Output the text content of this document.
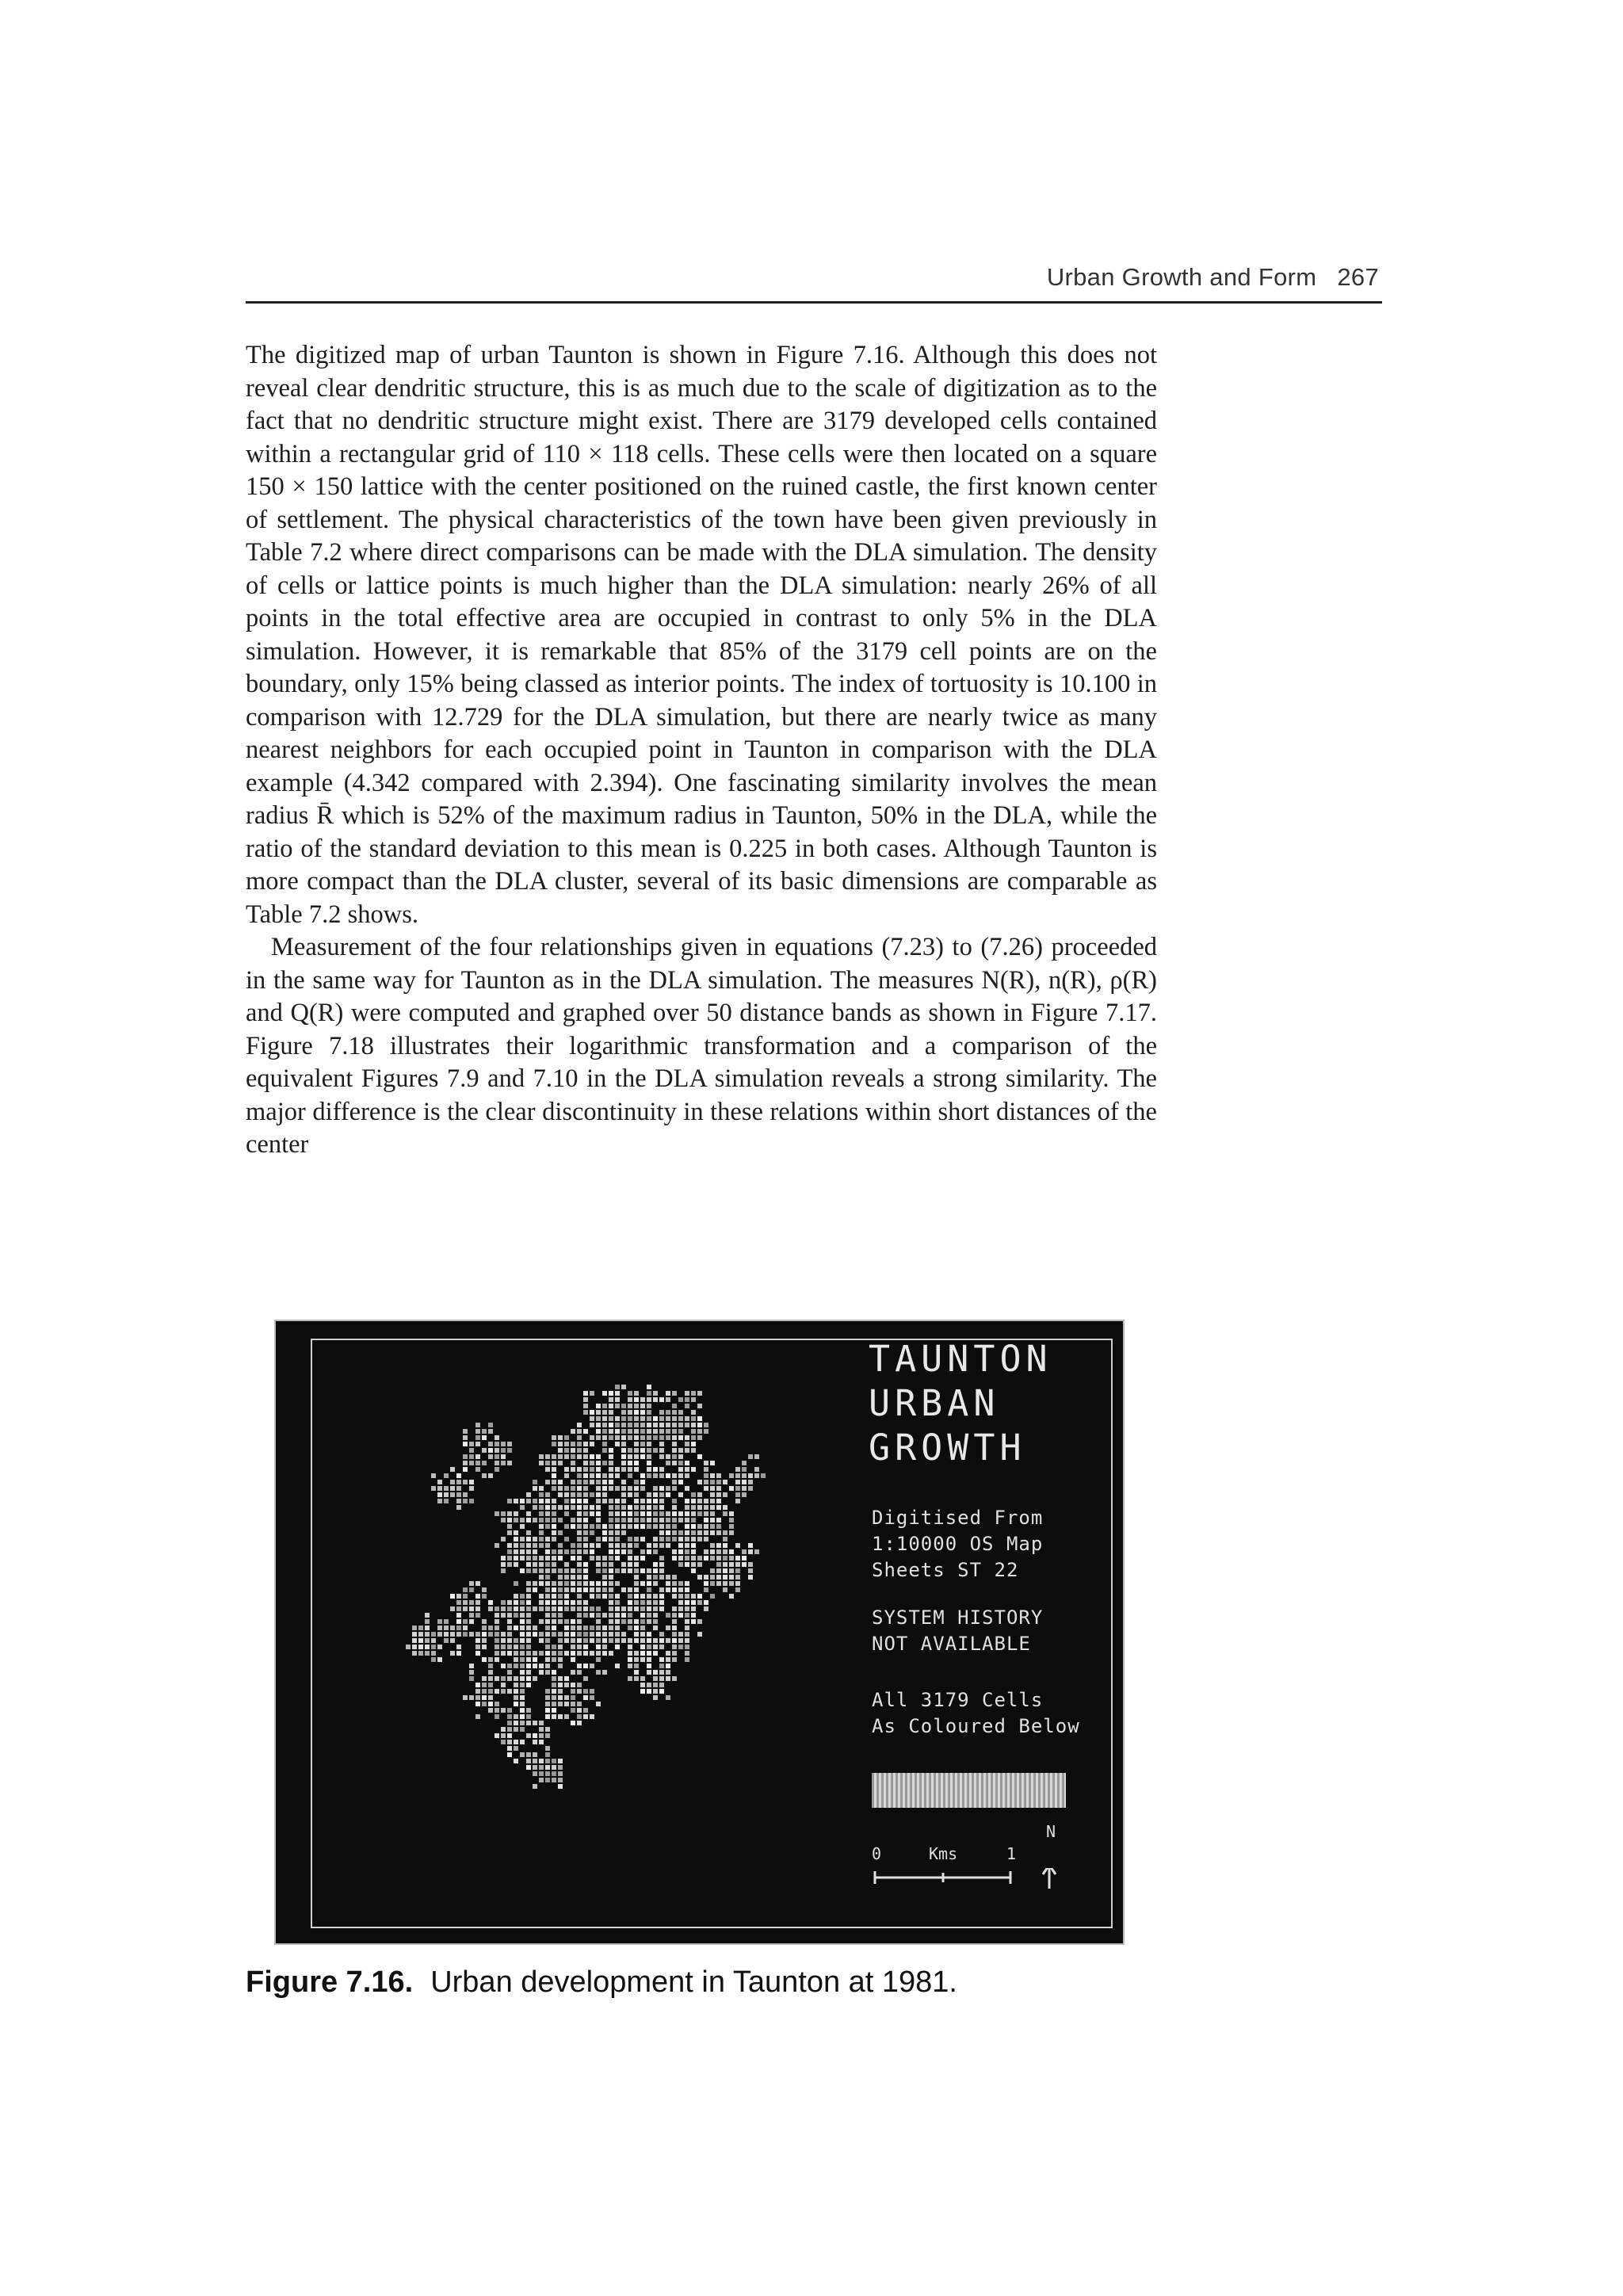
Urban Growth and Form 267

The digitized map of urban Taunton is shown in Figure 7.16. Although this does not reveal clear dendritic structure, this is as much due to the scale of digitization as to the fact that no dendritic structure might exist. There are 3179 developed cells contained within a rectangular grid of 110 × 118 cells. These cells were then located on a square 150 × 150 lattice with the center positioned on the ruined castle, the first known center of settlement. The physical characteristics of the town have been given previously in Table 7.2 where direct comparisons can be made with the DLA simulation. The density of cells or lattice points is much higher than the DLA simulation: nearly 26% of all points in the total effective area are occupied in contrast to only 5% in the DLA simulation. However, it is remarkable that 85% of the 3179 cell points are on the boundary, only 15% being classed as interior points. The index of tortuosity is 10.100 in comparison with 12.729 for the DLA simulation, but there are nearly twice as many nearest neighbors for each occupied point in Taunton in comparison with the DLA example (4.342 compared with 2.394). One fascinating similarity involves the mean radius R̄ which is 52% of the maximum radius in Taunton, 50% in the DLA, while the ratio of the standard deviation to this mean is 0.225 in both cases. Although Taunton is more compact than the DLA cluster, several of its basic dimensions are comparable as Table 7.2 shows.

Measurement of the four relationships given in equations (7.23) to (7.26) proceeded in the same way for Taunton as in the DLA simulation. The measures N(R), n(R), ρ(R) and Q(R) were computed and graphed over 50 distance bands as shown in Figure 7.17. Figure 7.18 illustrates their logarithmic transformation and a comparison of the equivalent Figures 7.9 and 7.10 in the DLA simulation reveals a strong similarity. The major difference is the clear discontinuity in these relations within short distances of the center

TAUNTON
URBAN
GROWTH
Digitised From
1:10000 OS Map
Sheets ST 22
SYSTEM HISTORY
NOT AVAILABLE
All 3179 Cells
As Coloured Below
0	Kms	1
N
Figure 7.16. Urban development in Taunton at 1981.
